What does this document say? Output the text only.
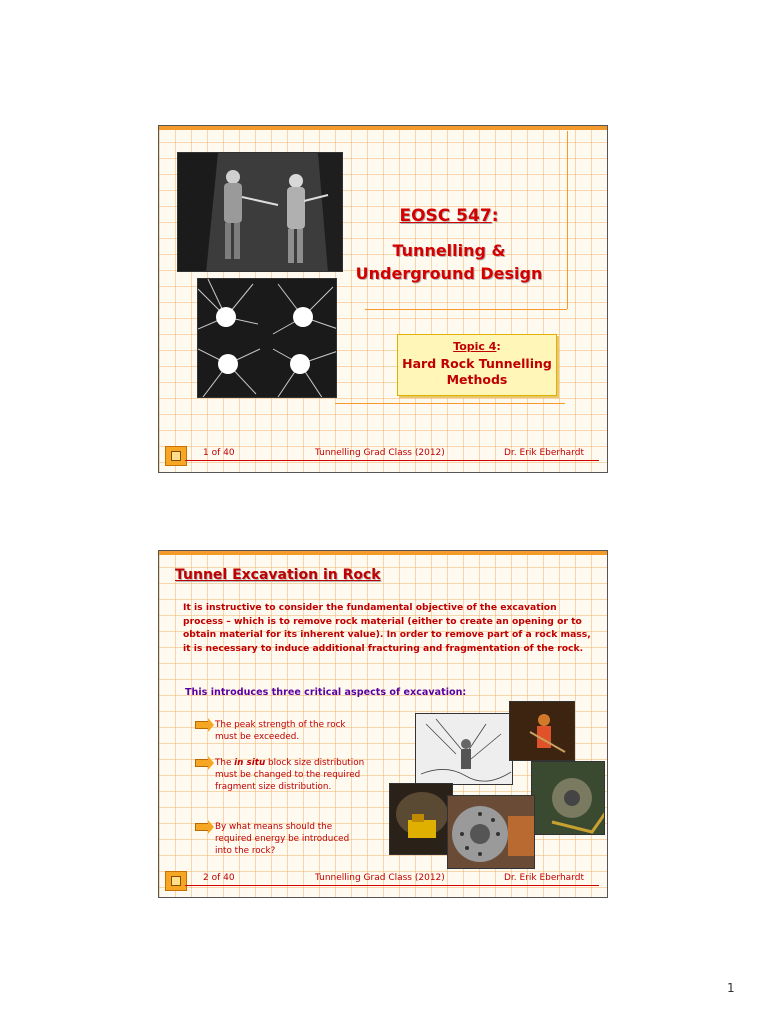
EOSC 547:
Tunnelling &
Underground Design
Topic 4:
Hard Rock Tunnelling
Methods
1 of 40	Tunnelling Grad Class (2012)	Dr. Erik Eberhardt
Tunnel Excavation in Rock
It is instructive to consider the fundamental objective of the excavation process – which is to remove rock material (either to create an opening or to obtain material for its inherent value). In order to remove part of a rock mass, it is necessary to induce additional fracturing and fragmentation of the rock.
This introduces three critical aspects of excavation:
The peak strength of the rock must be exceeded.
The in situ block size distribution must be changed to the required fragment size distribution.
By what means should the required energy be introduced into the rock?
2 of 40	Tunnelling Grad Class (2012)	Dr. Erik Eberhardt
1
